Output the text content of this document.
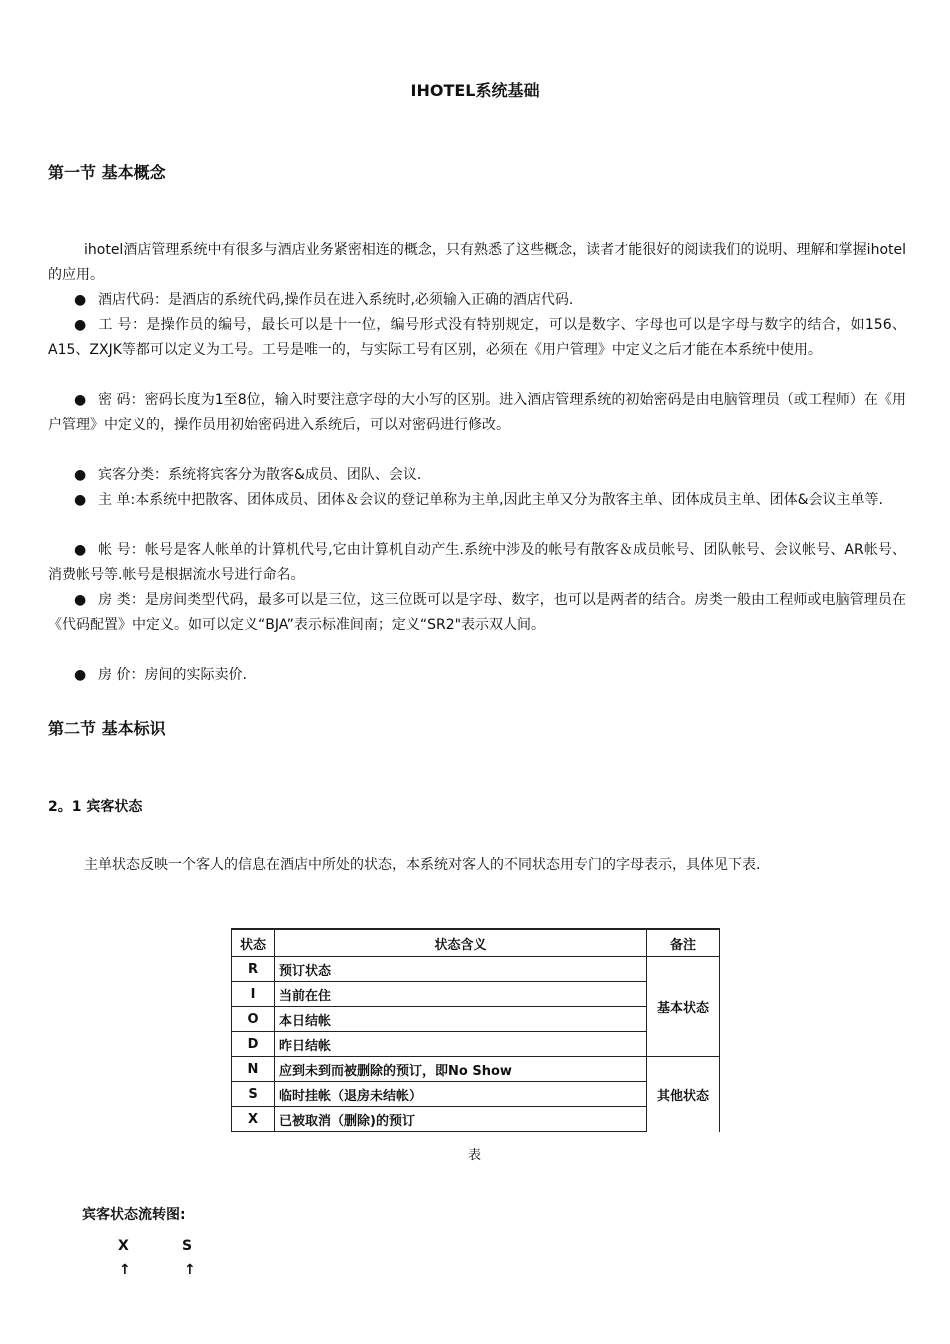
IHOTEL系统基础
第一节 基本概念
ihotel酒店管理系统中有很多与酒店业务紧密相连的概念，只有熟悉了这些概念，读者才能很好的阅读我们的说明、理解和掌握ihotel的应用。
● 酒店代码：是酒店的系统代码,操作员在进入系统时,必须输入正确的酒店代码.
● 工 号：是操作员的编号，最长可以是十一位，编号形式没有特别规定，可以是数字、字母也可以是字母与数字的结合，如156、A15、ZXJK等都可以定义为工号。工号是唯一的，与实际工号有区别，必须在《用户管理》中定义之后才能在本系统中使用。
● 密 码：密码长度为1至8位，输入时要注意字母的大小写的区别。进入酒店管理系统的初始密码是由电脑管理员（或工程师）在《用户管理》中定义的，操作员用初始密码进入系统后，可以对密码进行修改。
● 宾客分类：系统将宾客分为散客&成员、团队、会议.
● 主 单:本系统中把散客、团体成员、团体＆会议的登记单称为主单,因此主单又分为散客主单、团体成员主单、团体&会议主单等.
● 帐 号：帐号是客人帐单的计算机代号,它由计算机自动产生.系统中涉及的帐号有散客＆成员帐号、团队帐号、会议帐号、AR帐号、消费帐号等.帐号是根据流水号进行命名。
● 房 类：是房间类型代码，最多可以是三位，这三位既可以是字母、数字，也可以是两者的结合。房类一般由工程师或电脑管理员在《代码配置》中定义。如可以定义“BJA”表示标准间南；定义“SR2"表示双人间。
● 房 价：房间的实际卖价.
第二节 基本标识
2。1 宾客状态
主单状态反映一个客人的信息在酒店中所处的状态，本系统对客人的不同状态用专门的字母表示，具体见下表.
状态	状态含义	备注
R	预订状态	基本状态
I	当前在住	
O	本日结帐	
D	昨日结帐	
N	应到未到而被删除的预订，即No Show	其他状态
S	临时挂帐（退房未结帐）	
X	已被取消（删除)的预订	
表
宾客状态流转图:
X	S
↑	↑
